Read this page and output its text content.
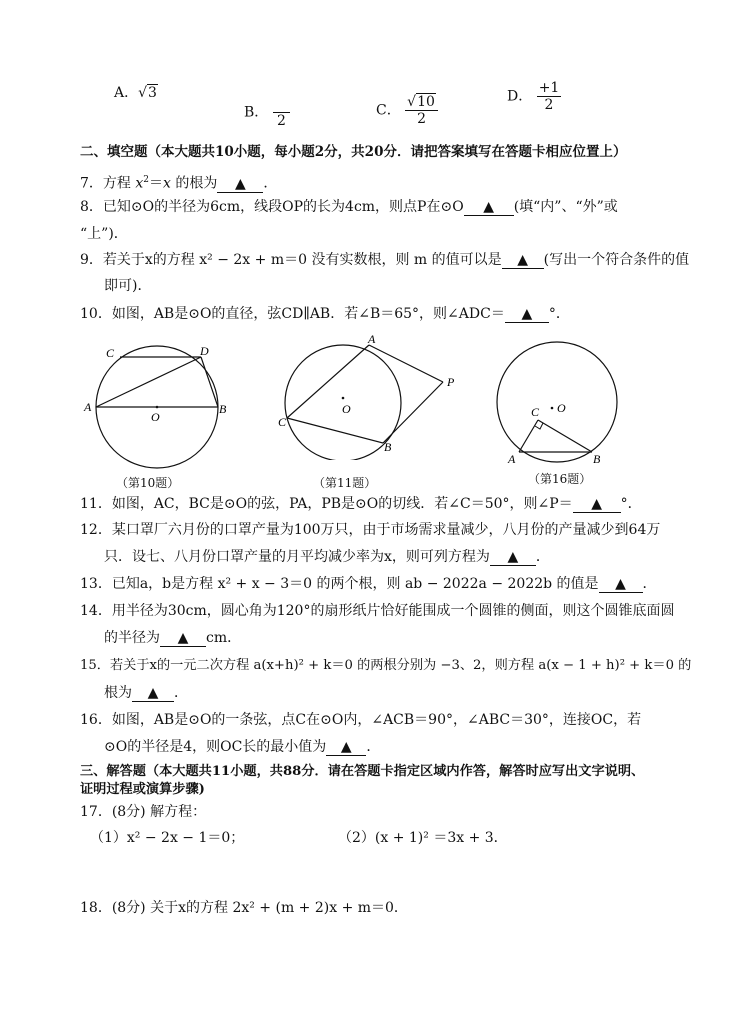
A．√3
B．

2
C． $\frac{√10}{2}$	D． $\frac{+1}{2}$
二、填空题（本大题共10小题，每小题2分，共20分．请把答案填写在答题卡相应位置上）
7．方程 $x^2=x$ 的根为 ▲ ．
8．已知⊙O的半径为6cm，线段OP的长为4cm，则点P在⊙O ▲ (填“内”、“外”或
“上”)．
9．若关于x的方程 x² − 2x + m＝0 没有实数根，则 m 的值可以是 ▲ (写出一个符合条件的值
即可)．
10．如图，AB是⊙O的直径，弦CD∥AB．若∠B＝65°，则∠ADC＝ ▲ °．
C	D
A	B
O
（第10题）
A
P
C
B
O
（第11题）
C O
A	B
（第16题）
11．如图，AC，BC是⊙O的弦，PA，PB是⊙O的切线．若∠C＝50°，则∠P＝ ▲ °．
12．某口罩厂六月份的口罩产量为100万只，由于市场需求量减少，八月份的产量减少到64万
只．设七、八月份口罩产量的月平均减少率为x，则可列方程为 ▲ ．
13．已知a，b是方程 x² + x − 3＝0 的两个根，则 ab − 2022a − 2022b 的值是 ▲ ．
14．用半径为30cm，圆心角为120°的扇形纸片恰好能围成一个圆锥的侧面，则这个圆锥底面圆
的半径为 ▲ cm．
15．若关于x的一元二次方程 a(x+h)² + k＝0 的两根分别为 −3、2，则方程 a(x − 1 + h)² + k＝0 的
根为 ▲ ．
16．如图，AB是⊙O的一条弦，点C在⊙O内，∠ACB＝90°，∠ABC＝30°，连接OC，若
⊙O的半径是4，则OC长的最小值为 ▲ ．
三、解答题（本大题共11小题，共88分．请在答题卡指定区域内作答，解答时应写出文字说明、
证明过程或演算步骤)
17．(8分) 解方程：
（1）x² − 2x − 1＝0；	（2）(x + 1)² ＝3x + 3．
18．(8分) 关于x的方程 2x² + (m + 2)x + m＝0．
